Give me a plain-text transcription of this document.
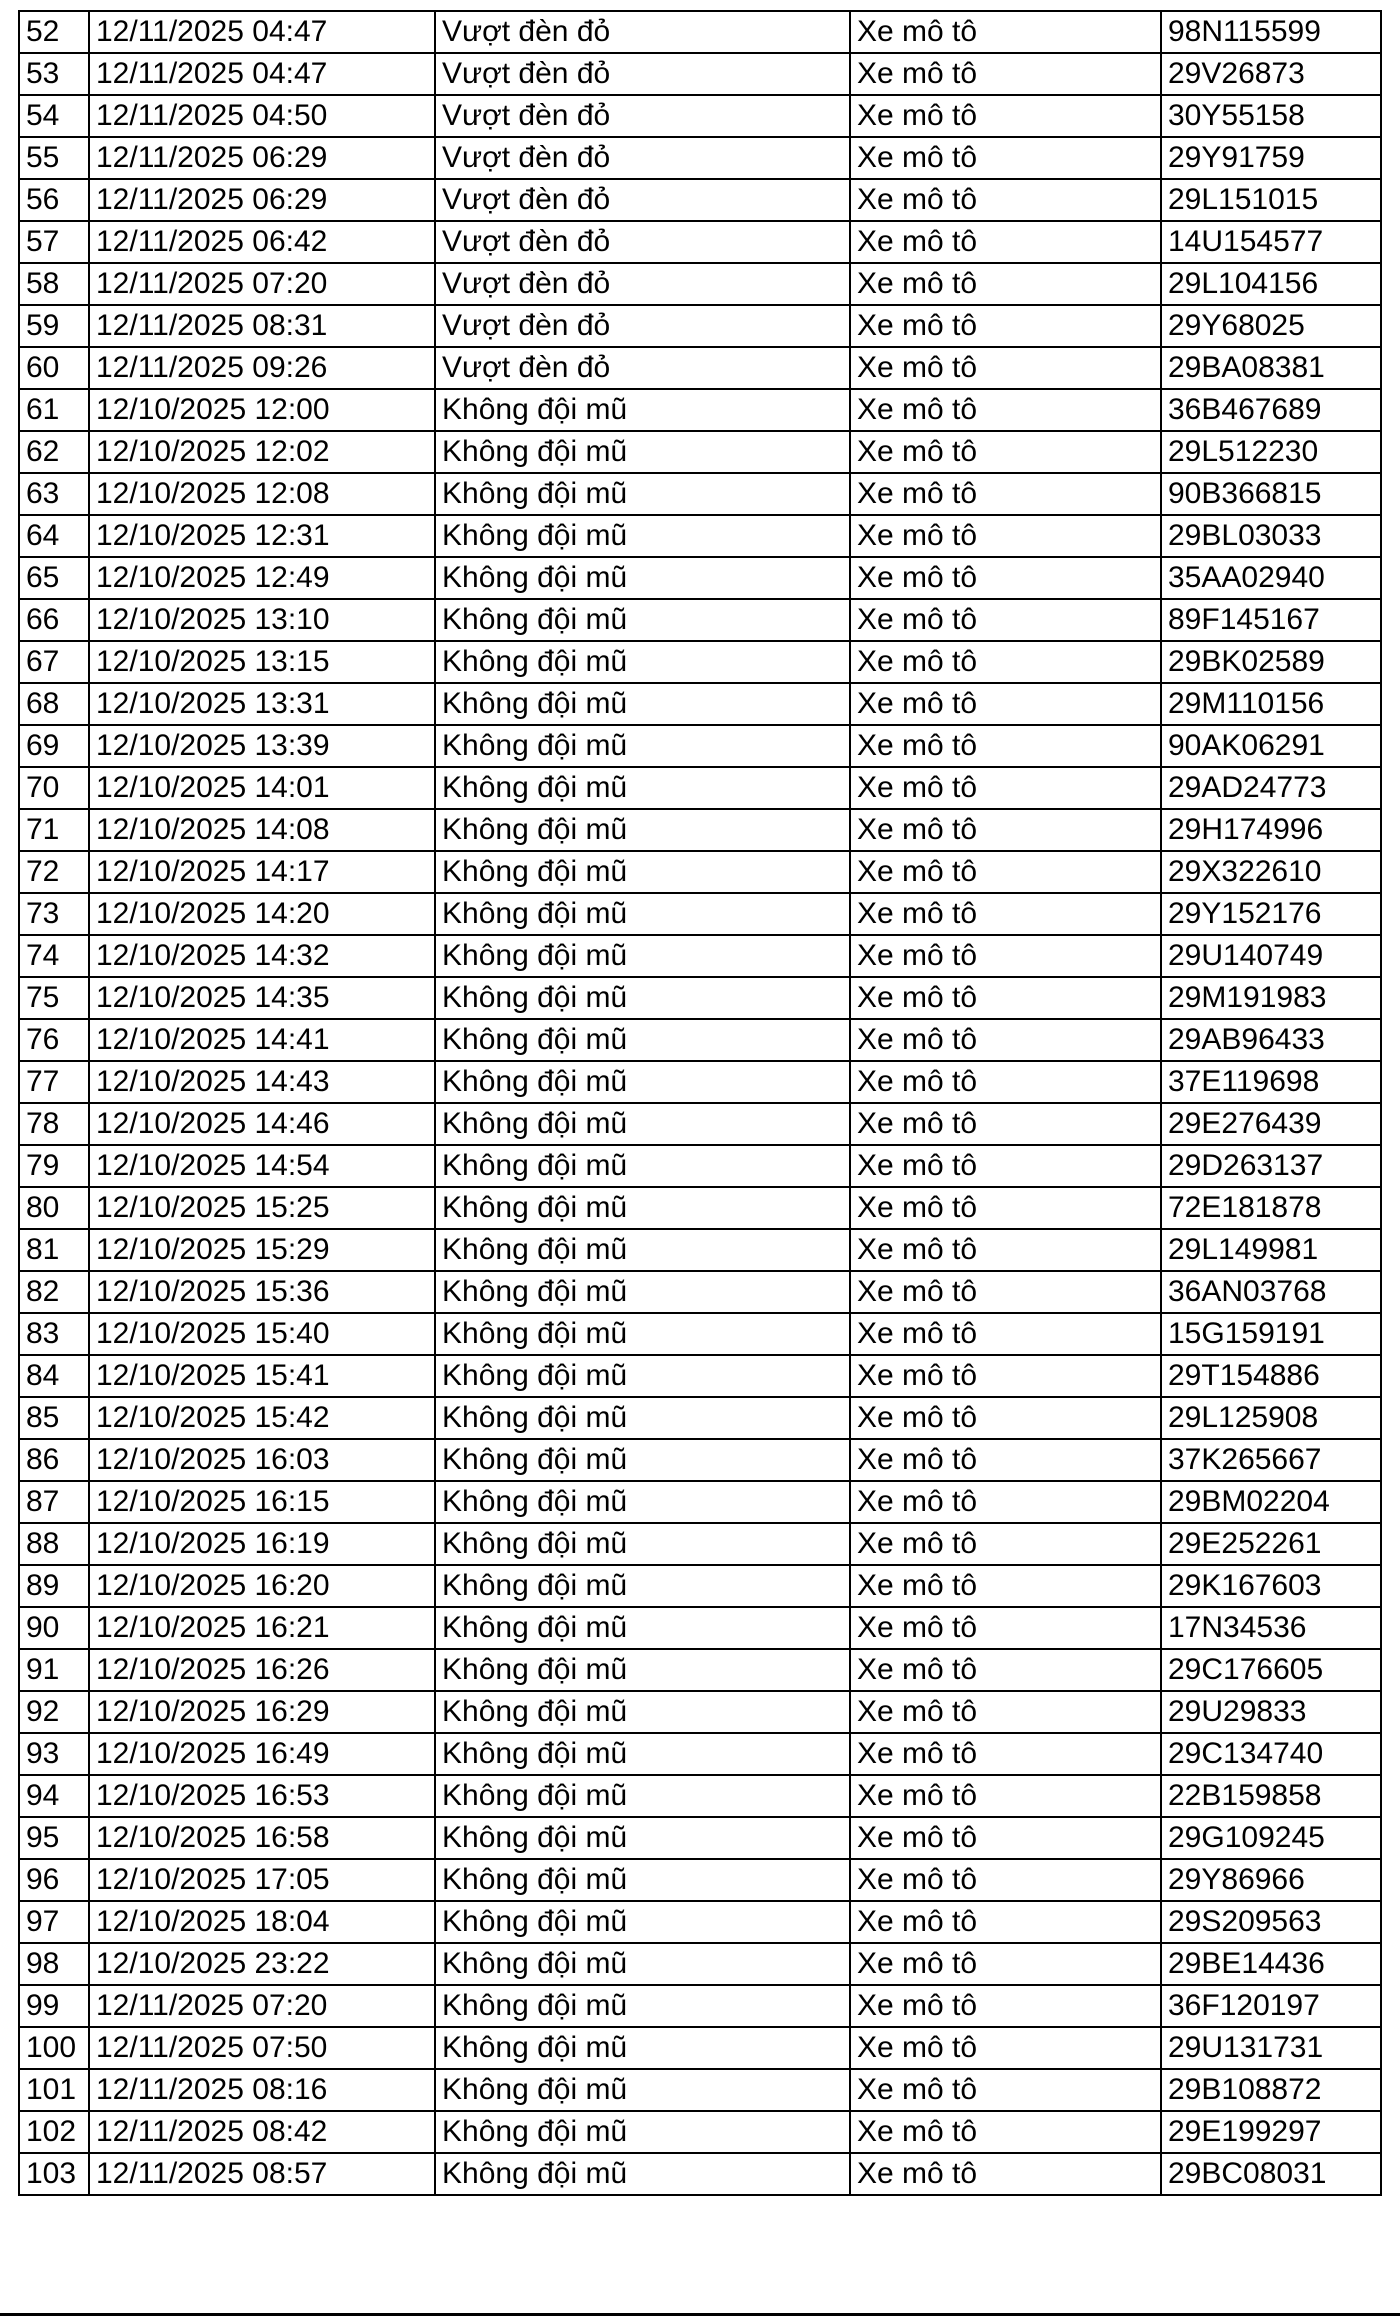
52	12/11/2025 04:47	Vượt đèn đỏ	Xe mô tô	98N115599
53	12/11/2025 04:47	Vượt đèn đỏ	Xe mô tô	29V26873
54	12/11/2025 04:50	Vượt đèn đỏ	Xe mô tô	30Y55158
55	12/11/2025 06:29	Vượt đèn đỏ	Xe mô tô	29Y91759
56	12/11/2025 06:29	Vượt đèn đỏ	Xe mô tô	29L151015
57	12/11/2025 06:42	Vượt đèn đỏ	Xe mô tô	14U154577
58	12/11/2025 07:20	Vượt đèn đỏ	Xe mô tô	29L104156
59	12/11/2025 08:31	Vượt đèn đỏ	Xe mô tô	29Y68025
60	12/11/2025 09:26	Vượt đèn đỏ	Xe mô tô	29BA08381
61	12/10/2025 12:00	Không đội mũ	Xe mô tô	36B467689
62	12/10/2025 12:02	Không đội mũ	Xe mô tô	29L512230
63	12/10/2025 12:08	Không đội mũ	Xe mô tô	90B366815
64	12/10/2025 12:31	Không đội mũ	Xe mô tô	29BL03033
65	12/10/2025 12:49	Không đội mũ	Xe mô tô	35AA02940
66	12/10/2025 13:10	Không đội mũ	Xe mô tô	89F145167
67	12/10/2025 13:15	Không đội mũ	Xe mô tô	29BK02589
68	12/10/2025 13:31	Không đội mũ	Xe mô tô	29M110156
69	12/10/2025 13:39	Không đội mũ	Xe mô tô	90AK06291
70	12/10/2025 14:01	Không đội mũ	Xe mô tô	29AD24773
71	12/10/2025 14:08	Không đội mũ	Xe mô tô	29H174996
72	12/10/2025 14:17	Không đội mũ	Xe mô tô	29X322610
73	12/10/2025 14:20	Không đội mũ	Xe mô tô	29Y152176
74	12/10/2025 14:32	Không đội mũ	Xe mô tô	29U140749
75	12/10/2025 14:35	Không đội mũ	Xe mô tô	29M191983
76	12/10/2025 14:41	Không đội mũ	Xe mô tô	29AB96433
77	12/10/2025 14:43	Không đội mũ	Xe mô tô	37E119698
78	12/10/2025 14:46	Không đội mũ	Xe mô tô	29E276439
79	12/10/2025 14:54	Không đội mũ	Xe mô tô	29D263137
80	12/10/2025 15:25	Không đội mũ	Xe mô tô	72E181878
81	12/10/2025 15:29	Không đội mũ	Xe mô tô	29L149981
82	12/10/2025 15:36	Không đội mũ	Xe mô tô	36AN03768
83	12/10/2025 15:40	Không đội mũ	Xe mô tô	15G159191
84	12/10/2025 15:41	Không đội mũ	Xe mô tô	29T154886
85	12/10/2025 15:42	Không đội mũ	Xe mô tô	29L125908
86	12/10/2025 16:03	Không đội mũ	Xe mô tô	37K265667
87	12/10/2025 16:15	Không đội mũ	Xe mô tô	29BM02204
88	12/10/2025 16:19	Không đội mũ	Xe mô tô	29E252261
89	12/10/2025 16:20	Không đội mũ	Xe mô tô	29K167603
90	12/10/2025 16:21	Không đội mũ	Xe mô tô	17N34536
91	12/10/2025 16:26	Không đội mũ	Xe mô tô	29C176605
92	12/10/2025 16:29	Không đội mũ	Xe mô tô	29U29833
93	12/10/2025 16:49	Không đội mũ	Xe mô tô	29C134740
94	12/10/2025 16:53	Không đội mũ	Xe mô tô	22B159858
95	12/10/2025 16:58	Không đội mũ	Xe mô tô	29G109245
96	12/10/2025 17:05	Không đội mũ	Xe mô tô	29Y86966
97	12/10/2025 18:04	Không đội mũ	Xe mô tô	29S209563
98	12/10/2025 23:22	Không đội mũ	Xe mô tô	29BE14436
99	12/11/2025 07:20	Không đội mũ	Xe mô tô	36F120197
100	12/11/2025 07:50	Không đội mũ	Xe mô tô	29U131731
101	12/11/2025 08:16	Không đội mũ	Xe mô tô	29B108872
102	12/11/2025 08:42	Không đội mũ	Xe mô tô	29E199297
103	12/11/2025 08:57	Không đội mũ	Xe mô tô	29BC08031
